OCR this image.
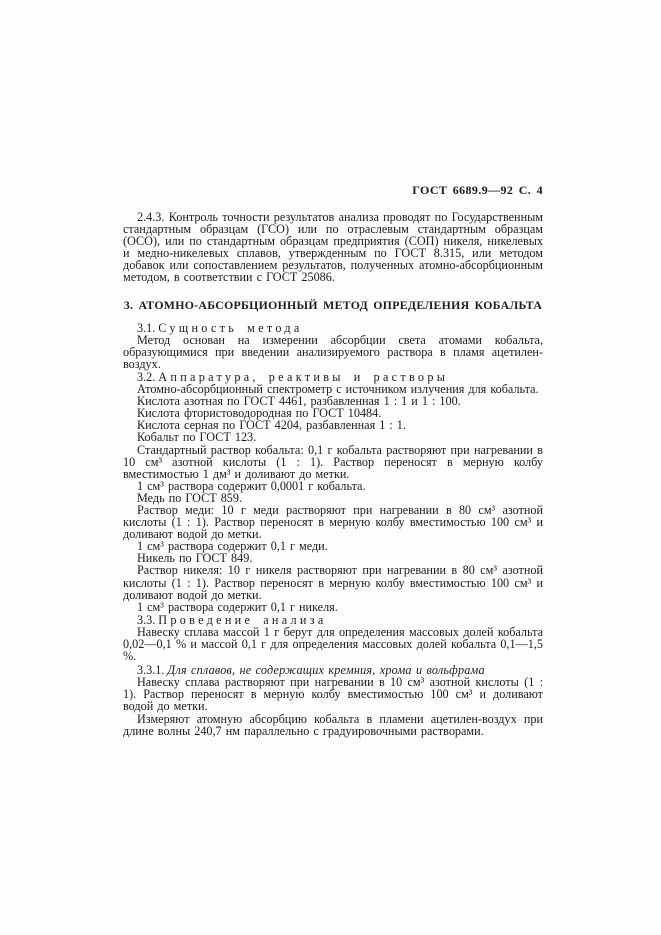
ГОСТ 6689.9—92 С. 4

2.4.3. Контроль точности результатов анализа проводят по Государственным стандартным образцам (ГСО) или по отраслевым стандартным образцам (ОСО), или по стандартным образцам предприятия (СОП) никеля, никелевых и медно-никелевых сплавов, утвержденным по ГОСТ 8.315, или методом добавок или сопоставлением результатов, полученных атомно-абсорбционным методом, в соответствии с ГОСТ 25086.

3. АТОМНО-АБСОРБЦИОННЫЙ МЕТОД ОПРЕДЕЛЕНИЯ КОБАЛЬТА

3.1. Сущность метода

Метод основан на измерении абсорбции света атомами кобальта, образующимися при введении анализируемого раствора в пламя ацетилен-воздух.

3.2. Аппаратура, реактивы и растворы

Атомно-абсорбционный спектрометр с источником излучения для кобальта.

Кислота азотная по ГОСТ 4461, разбавленная 1 : 1 и 1 : 100.

Кислота фтористоводородная по ГОСТ 10484.

Кислота серная по ГОСТ 4204, разбавленная 1 : 1.

Кобальт по ГОСТ 123.

Стандартный раствор кобальта: 0,1 г кобальта растворяют при нагревании в 10 см³ азотной кислоты (1 : 1). Раствор переносят в мерную колбу вместимостью 1 дм³ и доливают до метки.

1 см³ раствора содержит 0,0001 г кобальта.

Медь по ГОСТ 859.

Раствор меди: 10 г меди растворяют при нагревании в 80 см³ азотной кислоты (1 : 1). Раствор переносят в мерную колбу вместимостью 100 см³ и доливают водой до метки.

1 см³ раствора содержит 0,1 г меди.

Никель по ГОСТ 849.

Раствор никеля: 10 г никеля растворяют при нагревании в 80 см³ азотной кислоты (1 : 1). Раствор переносят в мерную колбу вместимостью 100 см³ и доливают водой до метки.

1 см³ раствора содержит 0,1 г никеля.

3.3. Проведение анализа

Навеску сплава массой 1 г берут для определения массовых долей кобальта 0,02—0,1 % и массой 0,1 г для определения массовых долей кобальта 0,1—1,5 %.

3.3.1. Для сплавов, не содержащих кремния, хрома и вольфрама

Навеску сплава растворяют при нагревании в 10 см³ азотной кислоты (1 : 1). Раствор переносят в мерную колбу вместимостью 100 см³ и доливают водой до метки.

Измеряют атомную абсорбцию кобальта в пламени ацетилен-воздух при длине волны 240,7 нм параллельно с градуировочными растворами.
